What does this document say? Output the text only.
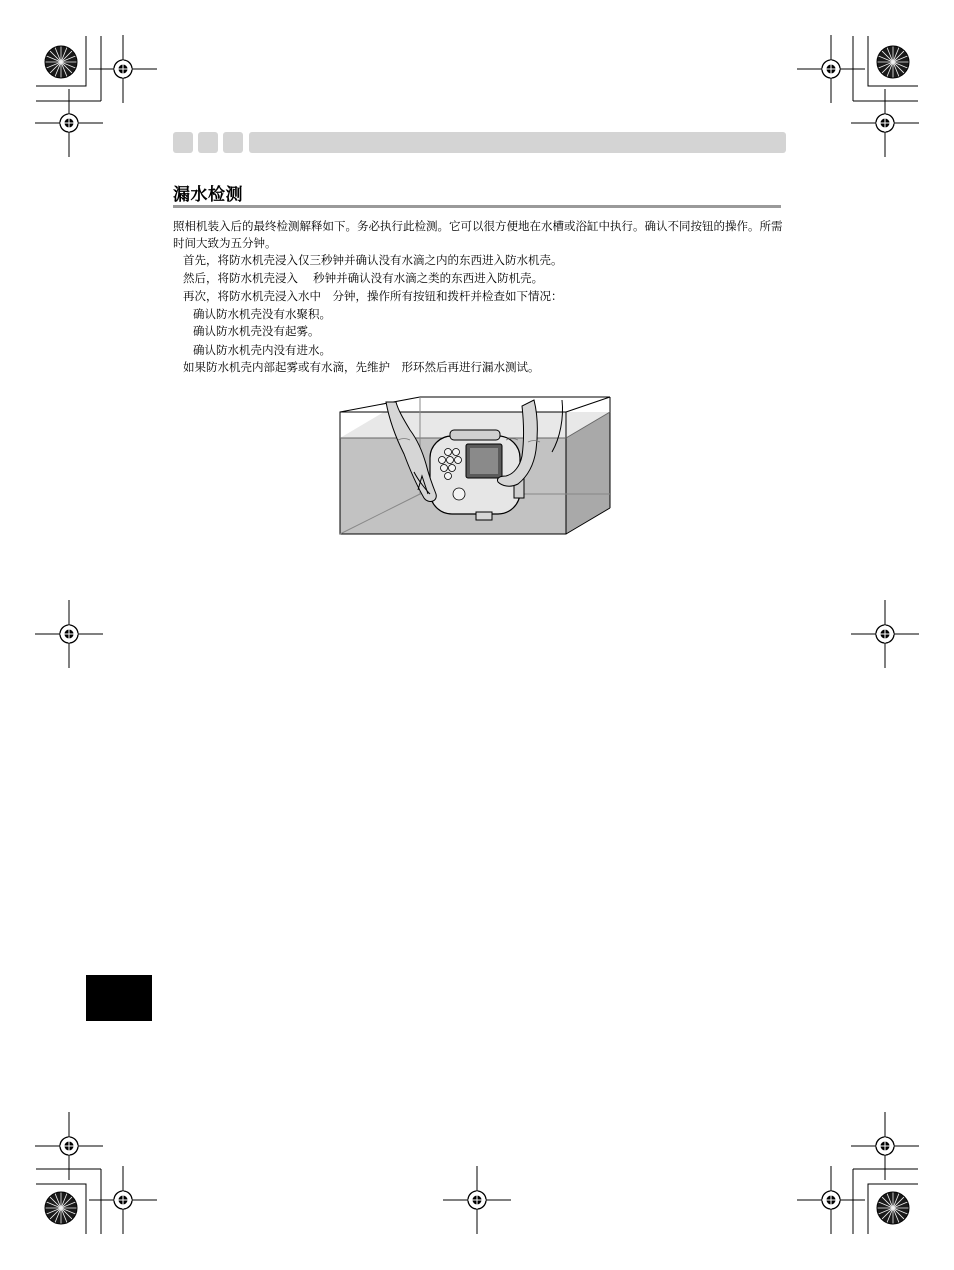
漏水检测

照相机装入后的最终检测解释如下。务必执行此检测。它可以很方便地在水槽或浴缸中执行。确认不同按钮的操作。所需时间大致为五分钟。

首先，将防水机壳浸入仅三秒钟并确认没有水滴之内的东西进入防水机壳。
然后，将防水机壳浸入　 秒钟并确认没有水滴之类的东西进入防机壳。
再次，将防水机壳浸入水中　分钟，操作所有按钮和拨杆并检查如下情况：
确认防水机壳没有水聚积。
确认防水机壳没有起雾。
确认防水机壳内没有进水。
如果防水机壳内部起雾或有水滴，先维护　形环然后再进行漏水测试。
